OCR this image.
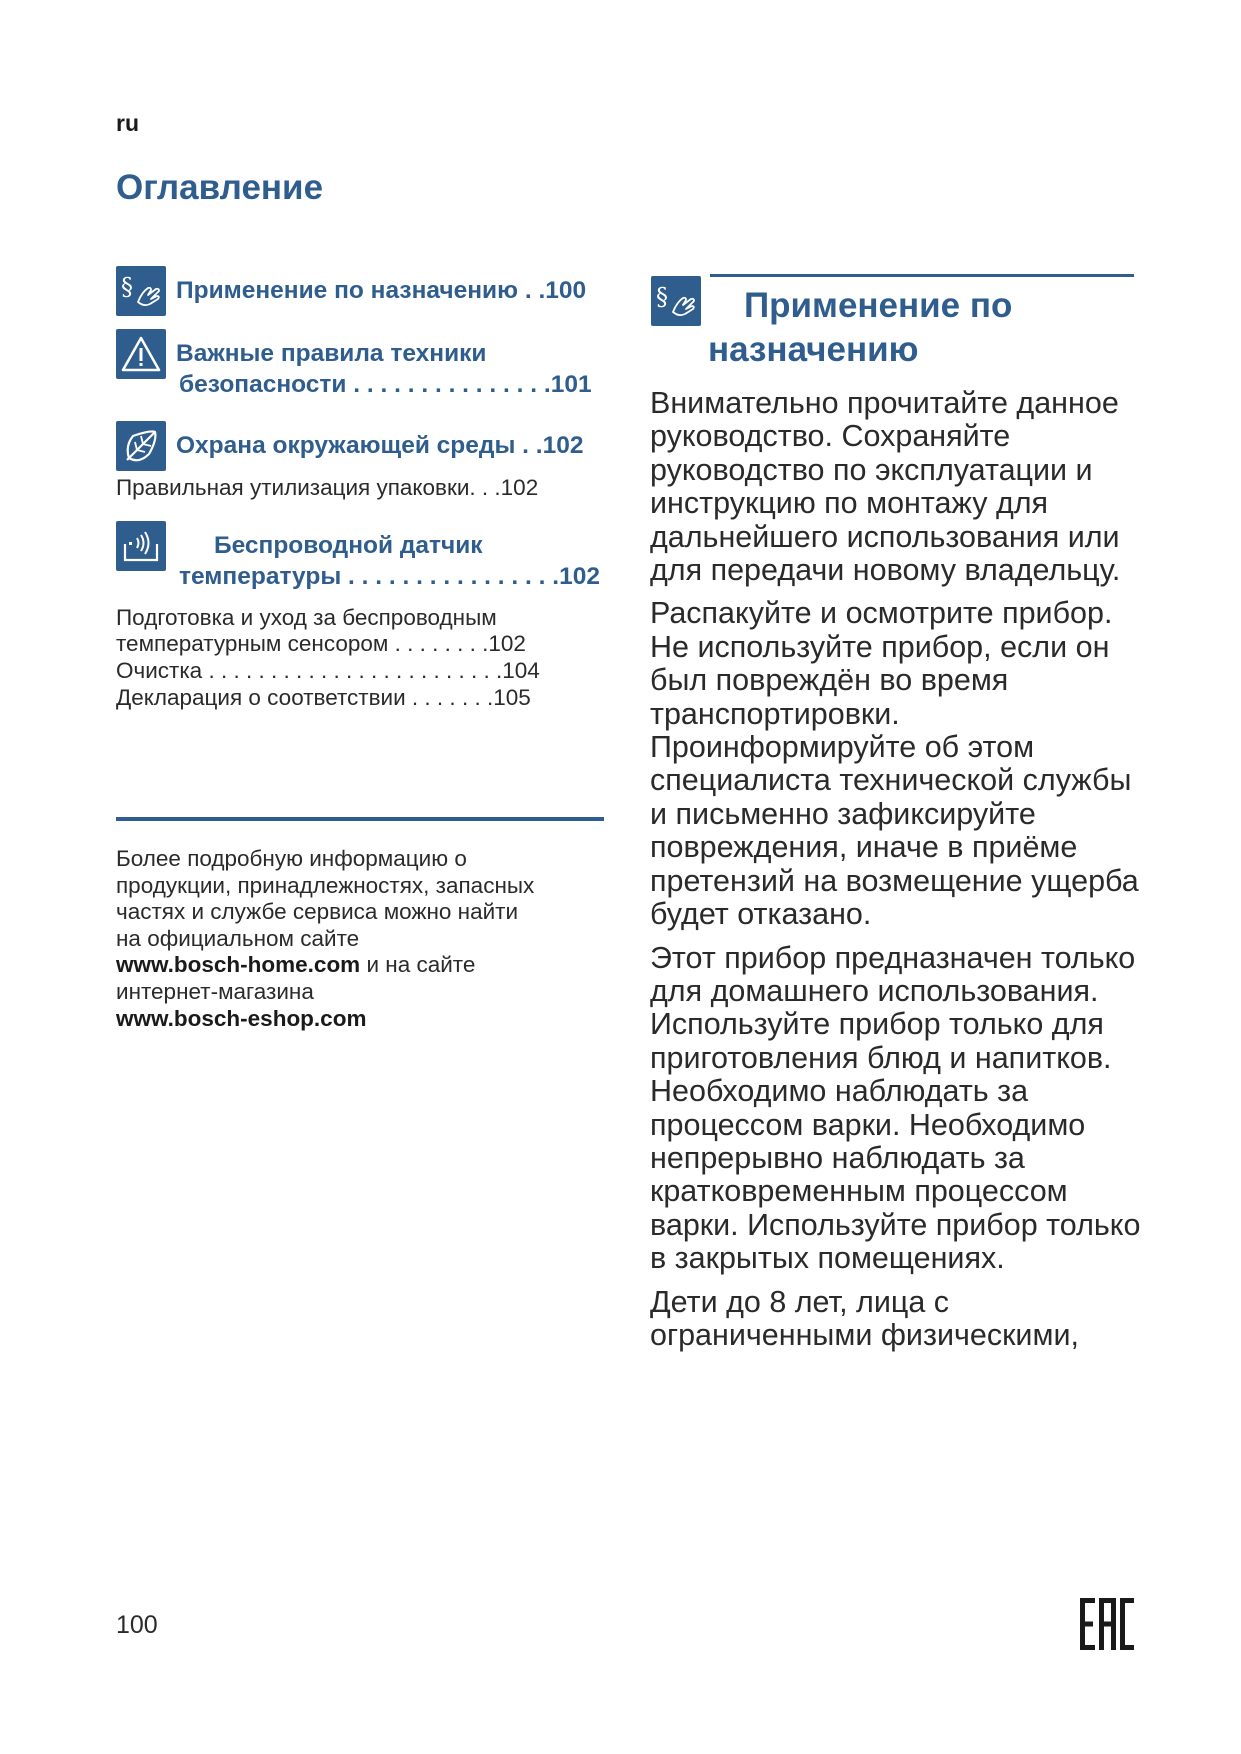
ru
Оглавление
§ Применение по назначению . .100
Важные правила техники
безопасности . . . . . . . . . . . . . . .101
Охрана окружающей среды . .102
Правильная утилизация упаковки. . .102
Беспроводной датчик
температуры . . . . . . . . . . . . . . . .102
Подготовка и уход за беспроводным
температурным сенсором . . . . . . . .102
Очистка . . . . . . . . . . . . . . . . . . . . . . . .104
Декларация о соответствии . . . . . . .105
Более подробную информацию о
продукции, принадлежностях, запасных
частях и службе сервиса можно найти
на официальном сайте
www.bosch-home.com и на сайте
интернет-магазина
www.bosch-eshop.com
§	Применение по
назначению

Внимательно прочитайте данное руководство. Сохраняйте руководство по эксплуатации и инструкцию по монтажу для дальнейшего использования или для передачи новому владельцу.

Распакуйте и осмотрите прибор. Не используйте прибор, если он был повреждён во время транспортировки. Проинформируйте об этом специалиста технической службы и письменно зафиксируйте повреждения, иначе в приёме претензий на возмещение ущерба будет отказано.

Этот прибор предназначен только для домашнего использования. Используйте прибор только для приготовления блюд и напитков. Необходимо наблюдать за процессом варки. Необходимо непрерывно наблюдать за кратковременным процессом варки. Используйте прибор только в закрытых помещениях.

Дети до 8 лет, лица с ограниченными физическими,

100
